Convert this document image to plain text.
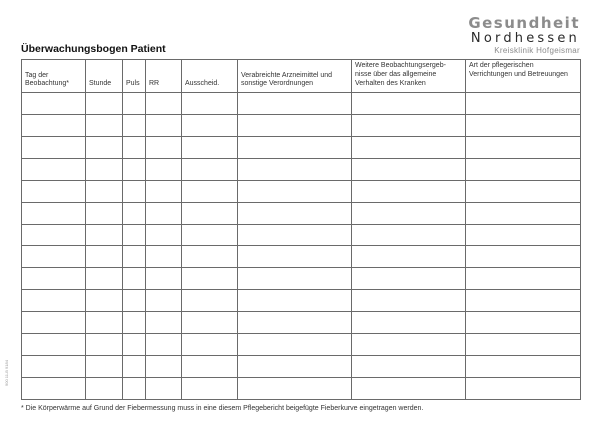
Gesundheit
Nordhessen
Kreisklinik Hofgeismar
Überwachungsbogen Patient
Tag der Beobachtung*	Stunde	Puls	RR	Ausscheid.	Verabreichte Arzneimittel und sonstige Verordnungen	Weitere Beobachtungsergeb-nisse über das allgemeine Verhalten des Kranken	Art der pflegerischen Verrichtungen und Betreuungen

* Die Körperwärme auf Grund der Fiebermessung muss in eine diesem Pflegebericht beigefügte Fieberkurve eingetragen werden.
900 11-B 9184
